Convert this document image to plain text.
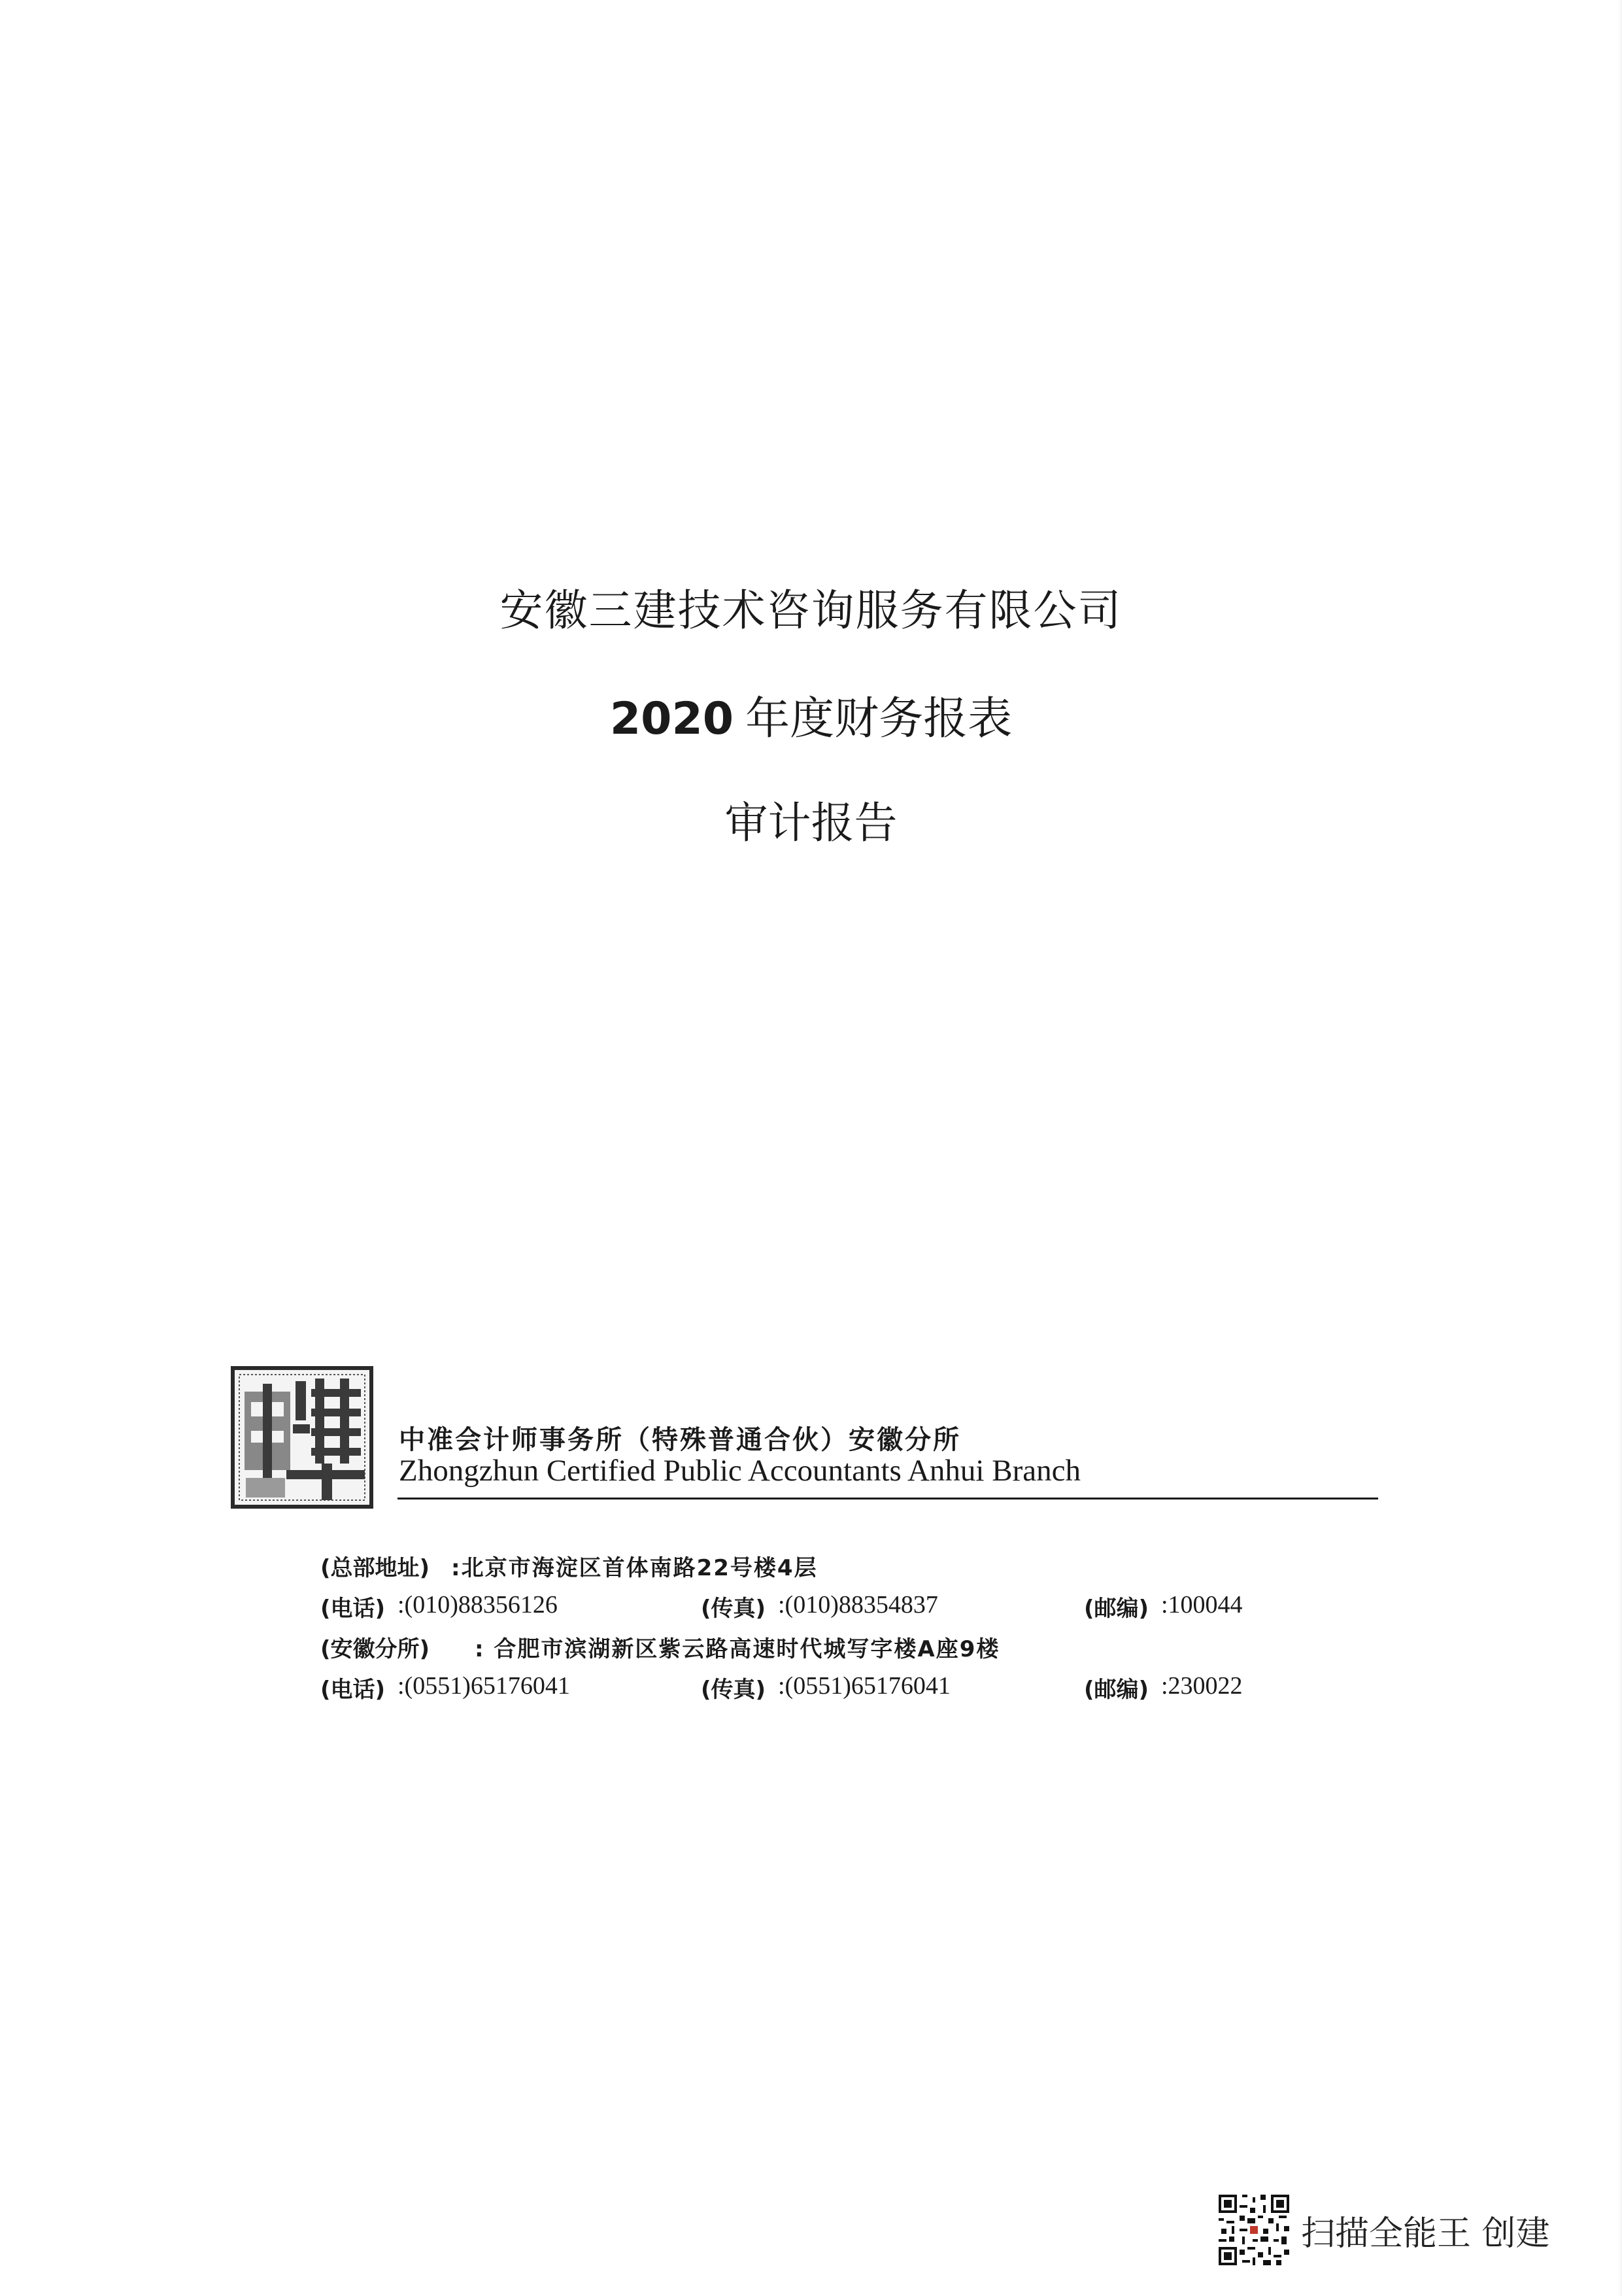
安徽三建技术咨询服务有限公司
2020 年度财务报表
审计报告
中准会计师事务所（特殊普通合伙）安徽分所
Zhongzhun Certified Public Accountants Anhui Branch
(总部地址) :北京市海淀区首体南路22号楼4层
(电话) :(010)88356126	(传真) :(010)88354837	(邮编) :100044
(安徽分所) : 合肥市滨湖新区紫云路高速时代城写字楼A座9楼
(电话) :(0551)65176041	(传真) :(0551)65176041	(邮编) :230022
扫描全能王 创建
